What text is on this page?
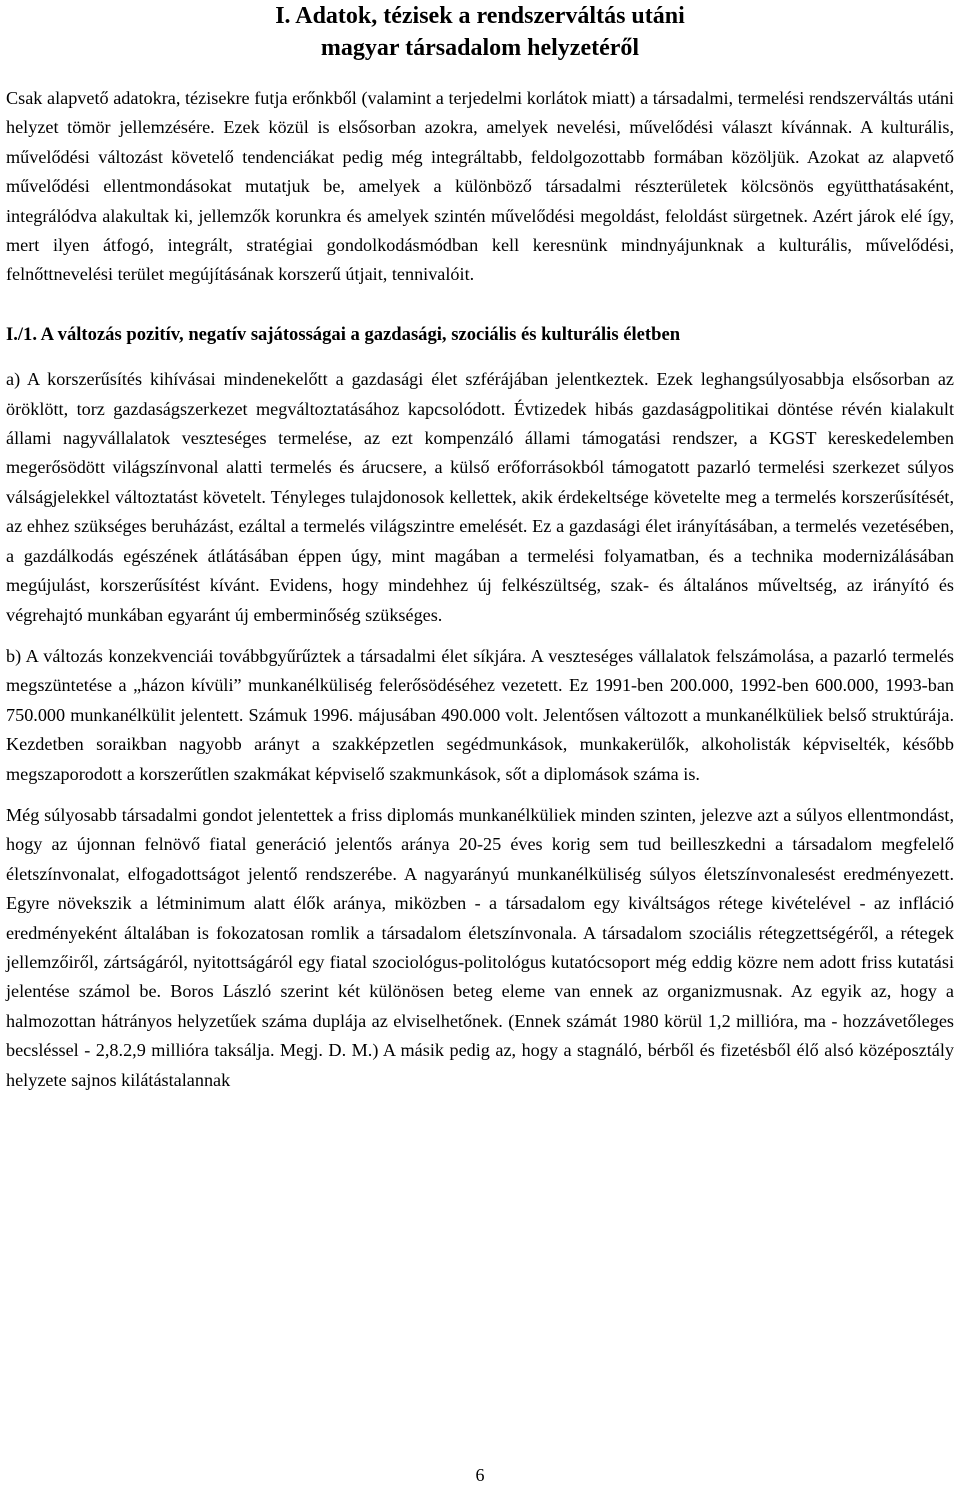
I. Adatok, tézisek a rendszerváltás utáni
magyar társadalom helyzetéről

Csak alapvető adatokra, tézisekre futja erőnkből (valamint a terjedelmi korlátok miatt) a társadalmi, termelési rendszerváltás utáni helyzet tömör jellemzésére. Ezek közül is elsősorban azokra, amelyek nevelési, művelődési választ kívánnak. A kulturális, művelődési változást követelő tendenciákat pedig még integráltabb, feldolgozottabb formában közöljük. Azokat az alapvető művelődési ellentmondásokat mutatjuk be, amelyek a különböző társadalmi részterületek kölcsönös együtthatásaként, integrálódva alakultak ki, jellemzők korunkra és amelyek szintén művelődési megoldást, feloldást sürgetnek. Azért járok elé így, mert ilyen átfogó, integrált, stratégiai gondolkodásmódban kell keresnünk mindnyájunknak a kulturális, művelődési, felnőttnevelési terület megújításának korszerű útjait, tennivalóit.

I./1. A változás pozitív, negatív sajátosságai a gazdasági, szociális és kulturális életben

a) A korszerűsítés kihívásai mindenekelőtt a gazdasági élet szférájában jelentkeztek. Ezek leghangsúlyosabbja elsősorban az öröklött, torz gazdaságszerkezet megváltoztatásához kapcsolódott. Évtizedek hibás gazdaságpolitikai döntése révén kialakult állami nagyvállalatok veszteséges termelése, az ezt kompenzáló állami támogatási rendszer, a KGST kereskedelemben megerősödött világszínvonal alatti termelés és árucsere, a külső erőforrásokból támogatott pazarló termelési szerkezet súlyos válságjelekkel változtatást követelt. Tényleges tulajdonosok kellettek, akik érdekeltsége követelte meg a termelés korszerűsítését, az ehhez szükséges beruházást, ezáltal a termelés világszintre emelését. Ez a gazdasági élet irányításában, a termelés vezetésében, a gazdálkodás egészének átlátásában éppen úgy, mint magában a termelési folyamatban, és a technika modernizálásában megújulást, korszerűsítést kívánt. Evidens, hogy mindehhez új felkészültség, szak- és általános műveltség, az irányító és végrehajtó munkában egyaránt új emberminőség szükséges.

b) A változás konzekvenciái továbbgyűrűztek a társadalmi élet síkjára. A veszteséges vállalatok felszámolása, a pazarló termelés megszüntetése a „házon kívüli” munkanélküliség felerősödéséhez vezetett. Ez 1991-ben 200.000, 1992-ben 600.000, 1993-ban 750.000 munkanélkülit jelentett. Számuk 1996. májusában 490.000 volt. Jelentősen változott a munkanélküliek belső struktúrája. Kezdetben soraikban nagyobb arányt a szakképzetlen segédmunkások, munkakerülők, alkoholisták képviselték, később megszaporodott a korszerűtlen szakmákat képviselő szakmunkások, sőt a diplomások száma is.

Még súlyosabb társadalmi gondot jelentettek a friss diplomás munkanélküliek minden szinten, jelezve azt a súlyos ellentmondást, hogy az újonnan felnövő fiatal generáció jelentős aránya 20-25 éves korig sem tud beilleszkedni a társadalom megfelelő életszínvonalat, elfogadottságot jelentő rendszerébe. A nagyarányú munkanélküliség súlyos életszínvonalesést eredményezett. Egyre növekszik a létminimum alatt élők aránya, miközben - a társadalom egy kiváltságos rétege kivételével - az infláció eredményeként általában is fokozatosan romlik a társadalom életszínvonala. A társadalom szociális rétegzettségéről, a rétegek jellemzőiről, zártságáról, nyitottságáról egy fiatal szociológus-politológus kutatócsoport még eddig közre nem adott friss kutatási jelentése számol be. Boros László szerint két különösen beteg eleme van ennek az organizmusnak. Az egyik az, hogy a halmozottan hátrányos helyzetűek száma duplája az elviselhetőnek. (Ennek számát 1980 körül 1,2 millióra, ma - hozzávetőleges becsléssel - 2,8.2,9 millióra taksálja. Megj. D. M.) A másik pedig az, hogy a stagnáló, bérből és fizetésből élő alsó középosztály helyzete sajnos kilátástalannak

6
